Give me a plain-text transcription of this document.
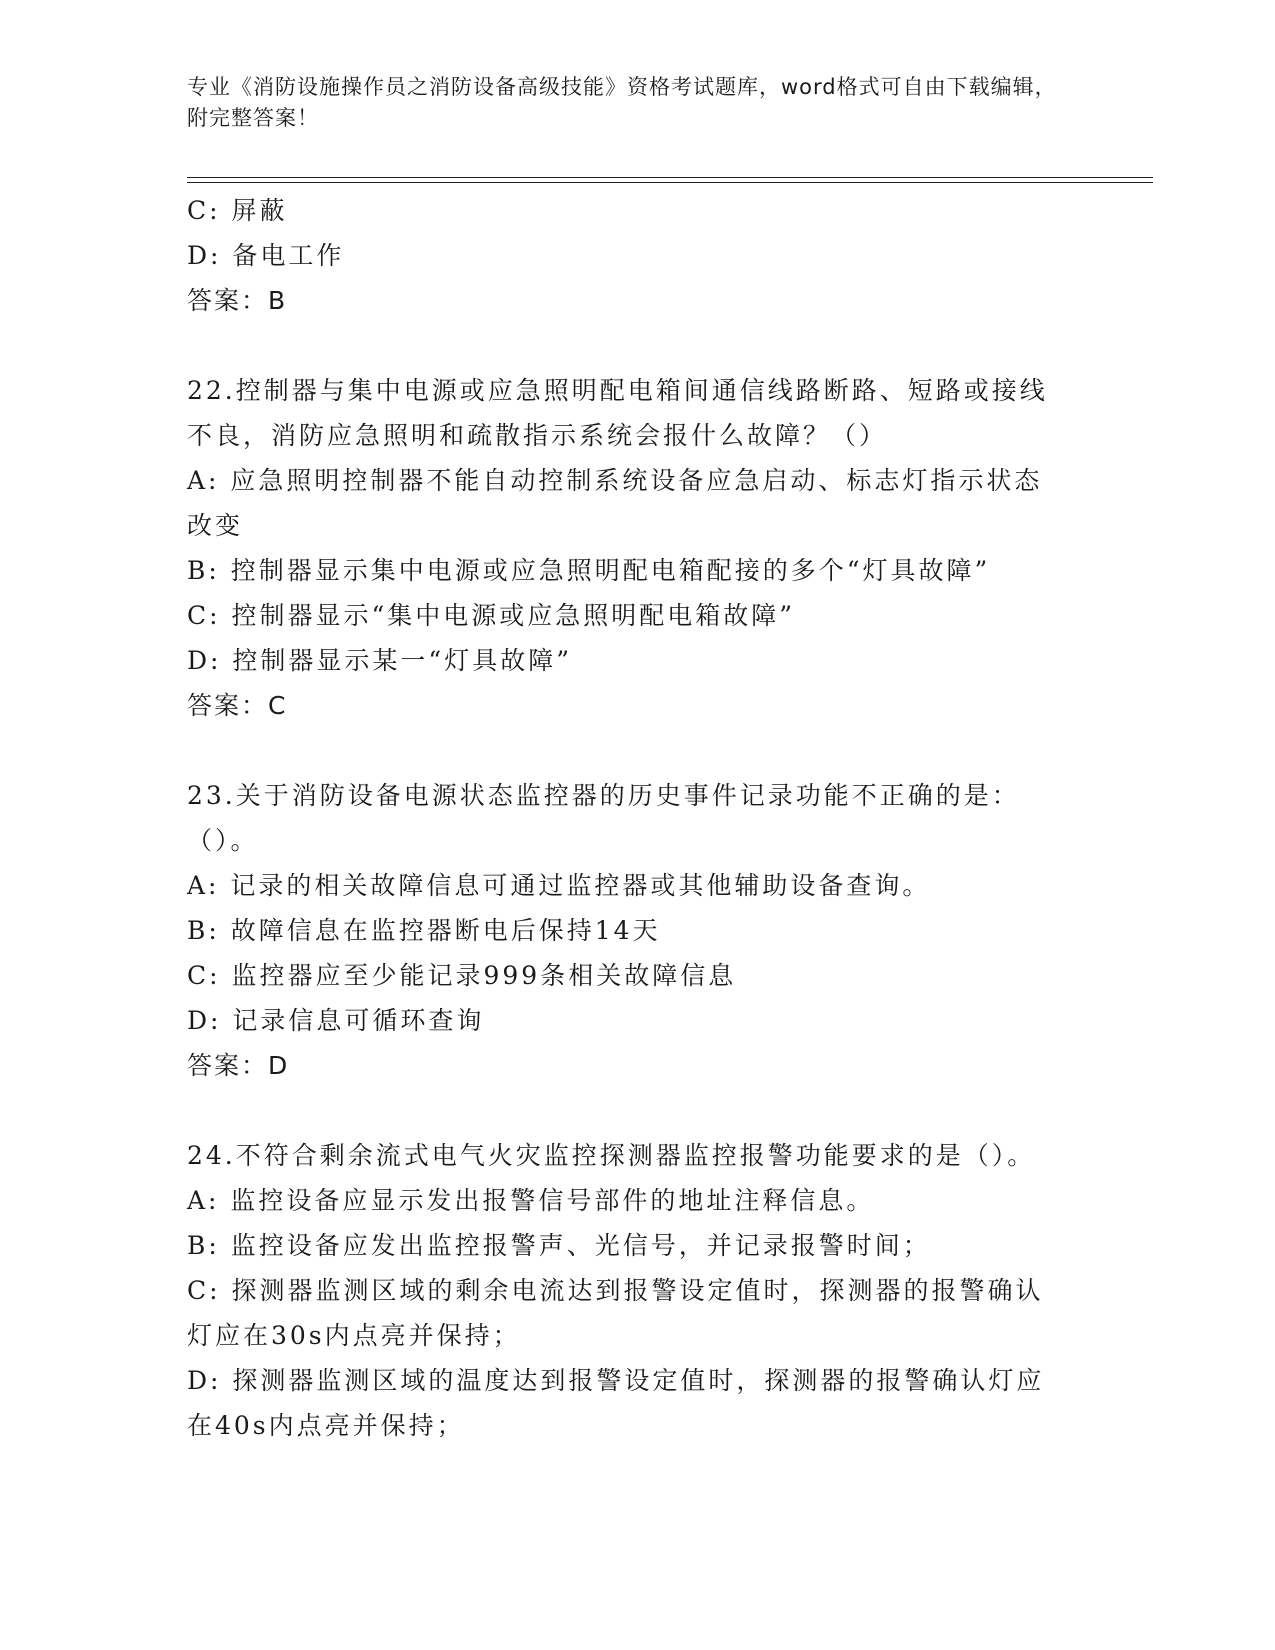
专业《消防设施操作员之消防设备高级技能》资格考试题库，word格式可自由下载编辑，附完整答案！
C: 屏蔽
D: 备电工作
答案：B
22.控制器与集中电源或应急照明配电箱间通信线路断路、短路或接线不良，消防应急照明和疏散指示系统会报什么故障？（）
A: 应急照明控制器不能自动控制系统设备应急启动、标志灯指示状态改变
B: 控制器显示集中电源或应急照明配电箱配接的多个“灯具故障”
C: 控制器显示“集中电源或应急照明配电箱故障”
D: 控制器显示某一“灯具故障”
答案：C
23.关于消防设备电源状态监控器的历史事件记录功能不正确的是：（）。
A: 记录的相关故障信息可通过监控器或其他辅助设备查询。
B: 故障信息在监控器断电后保持14天
C: 监控器应至少能记录999条相关故障信息
D: 记录信息可循环查询
答案：D
24.不符合剩余流式电气火灾监控探测器监控报警功能要求的是（）。
A: 监控设备应显示发出报警信号部件的地址注释信息。
B: 监控设备应发出监控报警声、光信号，并记录报警时间；
C: 探测器监测区域的剩余电流达到报警设定值时，探测器的报警确认灯应在30s内点亮并保持；
D: 探测器监测区域的温度达到报警设定值时，探测器的报警确认灯应在40s内点亮并保持；
